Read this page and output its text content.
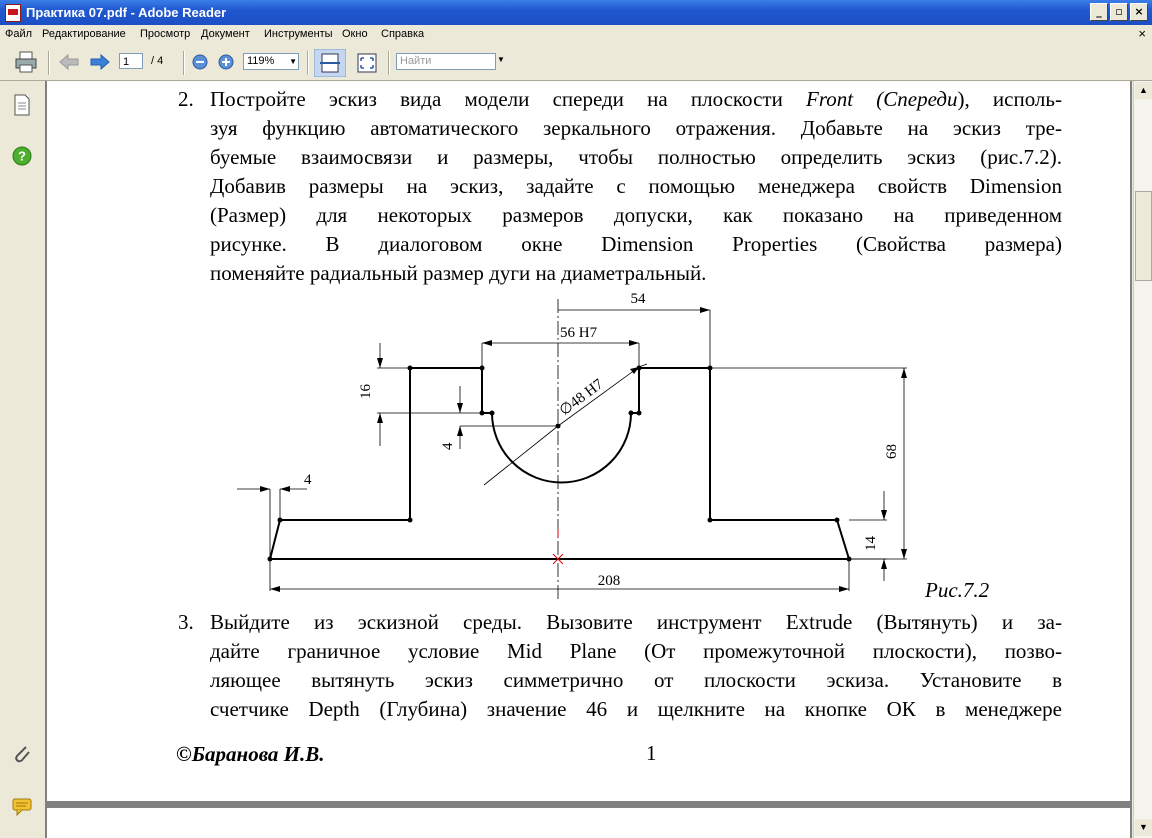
Практика 07.pdf - Adobe Reader	_	▫	×
Файл Редактирование Просмотр Документ Инструменты Окно Справка	×
1	/ 4	119% ▼	Найти	▼
?
2. Постройте эскиз вида модели спереди на плоскости Front (Спереди), исполь-
зуя функцию автоматического зеркального отражения. Добавьте на эскиз тре-
буемые взаимосвязи и размеры, чтобы полностью определить эскиз (рис.7.2).
Добавив размеры на эскиз, задайте с помощью менеджера свойств Dimension
(Размер) для некоторых размеров допуски, как показано на приведенном
рисунке. В диалоговом окне Dimension Properties (Свойства размера)
поменяйте радиальный размер дуги на диаметральный.
54
56 H7
∅48 H7
16
4	68
14
208
4
Рис.7.2
3. Выйдите из эскизной среды. Вызовите инструмент Extrude (Вытянуть) и за-
дайте граничное условие Mid Plane (От промежуточной плоскости), позво-
ляющее вытянуть эскиз симметрично от плоскости эскиза. Установите в
счетчике Depth (Глубина) значение 46 и щелкните на кнопке ОК в менеджере
©Баранова И.В.	1
▲
▼
